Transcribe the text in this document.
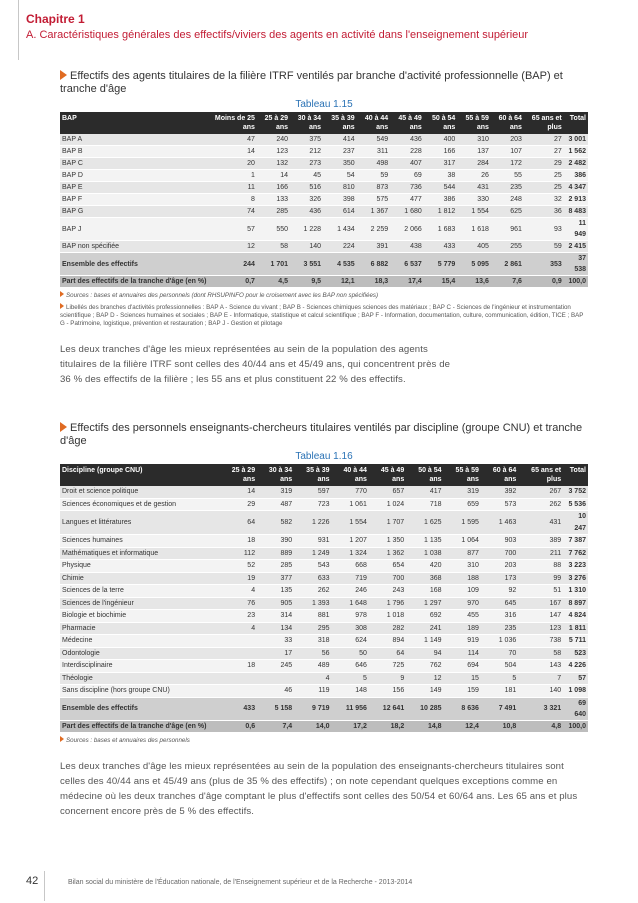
Chapitre 1
A. Caractéristiques générales des effectifs/viviers des agents en activité dans l'enseignement supérieur
Effectifs des agents titulaires de la filière ITRF ventilés par branche d'activité professionnelle (BAP) et tranche d'âge
Tableau 1.15
BAP	Moins de 25 ans	25 à 29 ans	30 à 34 ans	35 à 39 ans	40 à 44 ans	45 à 49 ans	50 à 54 ans	55 à 59 ans	60 à 64 ans	65 ans et plus	Total
BAP A	47	240	375	414	549	436	400	310	203	27	3 001
BAP B	14	123	212	237	311	228	166	137	107	27	1 562
BAP C	20	132	273	350	498	407	317	284	172	29	2 482
BAP D	1	14	45	54	59	69	38	26	55	25	386
BAP E	11	166	516	810	873	736	544	431	235	25	4 347
BAP F	8	133	326	398	575	477	386	330	248	32	2 913
BAP G	74	285	436	614	1 367	1 680	1 812	1 554	625	36	8 483
BAP J	57	550	1 228	1 434	2 259	2 066	1 683	1 618	961	93	11 949
BAP non spécifiée	12	58	140	224	391	438	433	405	255	59	2 415
Ensemble des effectifs	244	1 701	3 551	4 535	6 882	6 537	5 779	5 095	2 861	353	37 538
Part des effectifs de la tranche d'âge (en %)	0,7	4,5	9,5	12,1	18,3	17,4	15,4	13,6	7,6	0,9	100,0
Sources : bases et annuaires des personnels (dont RHSUPINFO pour le croisement avec les BAP non spécifiées)
Libellés des branches d'activités professionnelles : BAP A - Science du vivant ; BAP B - Sciences chimiques sciences des matériaux ; BAP C - Sciences de l'ingénieur et instrumentation scientifique ; BAP D - Sciences humaines et sociales ; BAP E - Informatique, statistique et calcul scientifique ; BAP F - Information, documentation, culture, communication, édition, TICE ; BAP G - Patrimoine, logistique, prévention et restauration ; BAP J - Gestion et pilotage
Les deux tranches d'âge les mieux représentées au sein de la population des agents titulaires de la filière ITRF sont celles des 40/44 ans et 45/49 ans, qui concentrent près de 36 % des effectifs de la filière ; les 55 ans et plus constituent 22 % des effectifs.
Effectifs des personnels enseignants-chercheurs titulaires ventilés par discipline (groupe CNU) et tranche d'âge
Tableau 1.16
Discipline (groupe CNU)	25 à 29 ans	30 à 34 ans	35 à 39 ans	40 à 44 ans	45 à 49 ans	50 à 54 ans	55 à 59 ans	60 à 64 ans	65 ans et plus	Total
Droit et science politique	14	319	597	770	657	417	319	392	267	3 752
Sciences économiques et de gestion	29	487	723	1 061	1 024	718	659	573	262	5 536
Langues et littératures	64	582	1 226	1 554	1 707	1 625	1 595	1 463	431	10 247
Sciences humaines	18	390	931	1 207	1 350	1 135	1 064	903	389	7 387
Mathématiques et informatique	112	889	1 249	1 324	1 362	1 038	877	700	211	7 762
Physique	52	285	543	668	654	420	310	203	88	3 223
Chimie	19	377	633	719	700	368	188	173	99	3 276
Sciences de la terre	4	135	262	246	243	168	109	92	51	1 310
Sciences de l'ingénieur	76	905	1 393	1 648	1 796	1 297	970	645	167	8 897
Biologie et biochimie	23	314	881	978	1 018	692	455	316	147	4 824
Pharmacie	4	134	295	308	282	241	189	235	123	1 811
Médecine		33	318	624	894	1 149	919	1 036	738	5 711
Odontologie		17	56	50	64	94	114	70	58	523
Interdisciplinaire	18	245	489	646	725	762	694	504	143	4 226
Théologie			4	5	9	12	15	5	7	57
Sans discipline (hors groupe CNU)		46	119	148	156	149	159	181	140	1 098
Ensemble des effectifs	433	5 158	9 719	11 956	12 641	10 285	8 636	7 491	3 321	69 640
Part des effectifs de la tranche d'âge (en %)	0,6	7,4	14,0	17,2	18,2	14,8	12,4	10,8	4,8	100,0
Sources : bases et annuaires des personnels
Les deux tranches d'âge les mieux représentées au sein de la population des enseignants-chercheurs titulaires sont celles des 40/44 ans et 45/49 ans (plus de 35 % des effectifs) ; on note cependant quelques exceptions comme en médecine où les deux tranches d'âge comptant le plus d'effectifs sont celles des 50/54 et 60/64 ans. Les 65 ans et plus concernent encore près de 5 % des effectifs.
42	Bilan social du ministère de l'Éducation nationale, de l'Enseignement supérieur et de la Recherche - 2013-2014
